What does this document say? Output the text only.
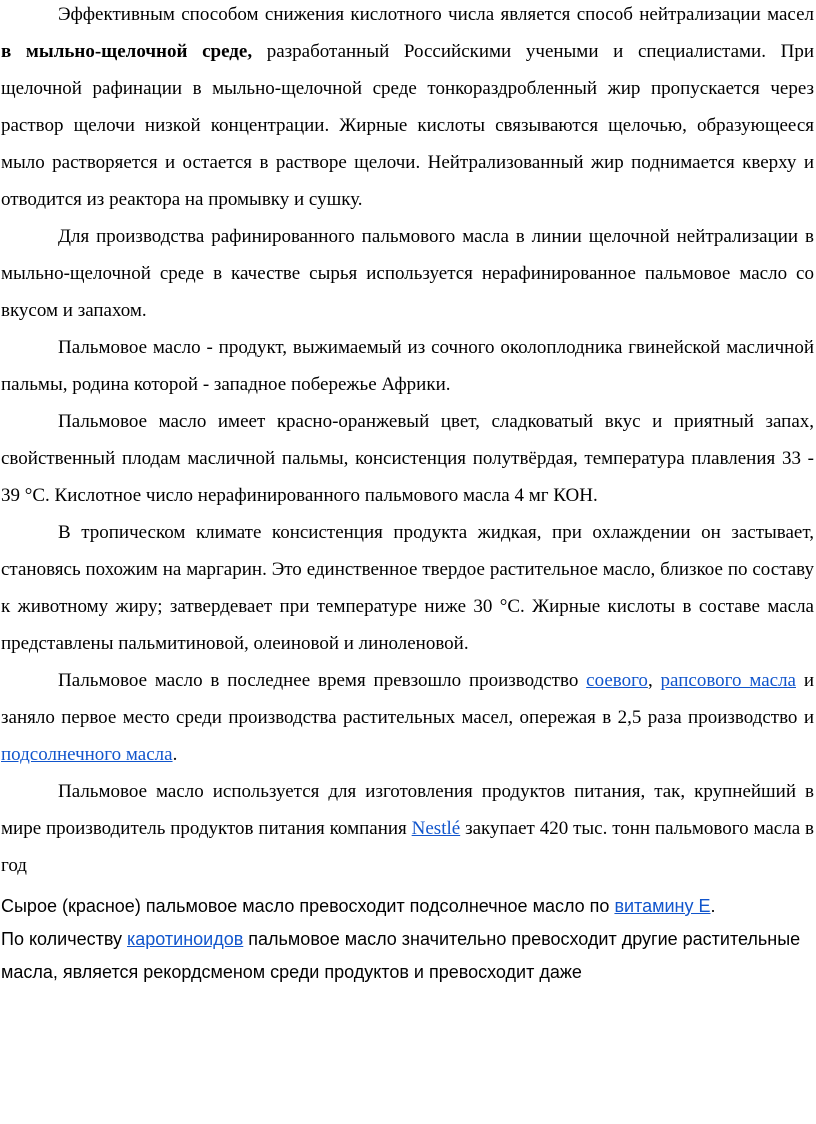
Эффективным способом снижения кислотного числа является способ нейтрализации масел в мыльно-щелочной среде, разработанный Российскими учеными и специалистами. При щелочной рафинации в мыльно-щелочной среде тонкораздробленный жир пропускается через раствор щелочи низкой концентрации. Жирные кислоты связываются щелочью, образующееся мыло растворяется и остается в растворе щелочи. Нейтрализованный жир поднимается кверху и отводится из реактора на промывку и сушку.

Для производства рафинированного пальмового масла в линии щелочной нейтрализации в мыльно-щелочной среде в качестве сырья используется нерафинированное пальмовое масло со вкусом и запахом.

Пальмовое масло - продукт, выжимаемый из сочного околоплодника гвинейской масличной пальмы, родина которой - западное побережье Африки.

Пальмовое масло имеет красно-оранжевый цвет, сладковатый вкус и приятный запах, свойственный плодам масличной пальмы, консистенция полутвёрдая, температура плавления 33 - 39 °С. Кислотное число нерафинированного пальмового масла 4 мг КОН.

В тропическом климате консистенция продукта жидкая, при охлаждении он застывает, становясь похожим на маргарин. Это единственное твердое растительное масло, близкое по составу к животному жиру; затвердевает при температуре ниже 30 °С. Жирные кислоты в составе масла представлены пальмитиновой, олеиновой и линоленовой.

Пальмовое масло в последнее время превзошло производство соевого, рапсового масла и заняло первое место среди производства растительных масел, опережая в 2,5 раза производство и подсолнечного масла.

Пальмовое масло используется для изготовления продуктов питания, так, крупнейший в мире производитель продуктов питания компания Nestlé закупает 420 тыс. тонн пальмового масла в год

Сырое (красное) пальмовое масло превосходит подсолнечное масло по витамину Е.
По количеству каротиноидов пальмовое масло значительно превосходит другие растительные масла, является рекордсменом среди продуктов и превосходит даже
